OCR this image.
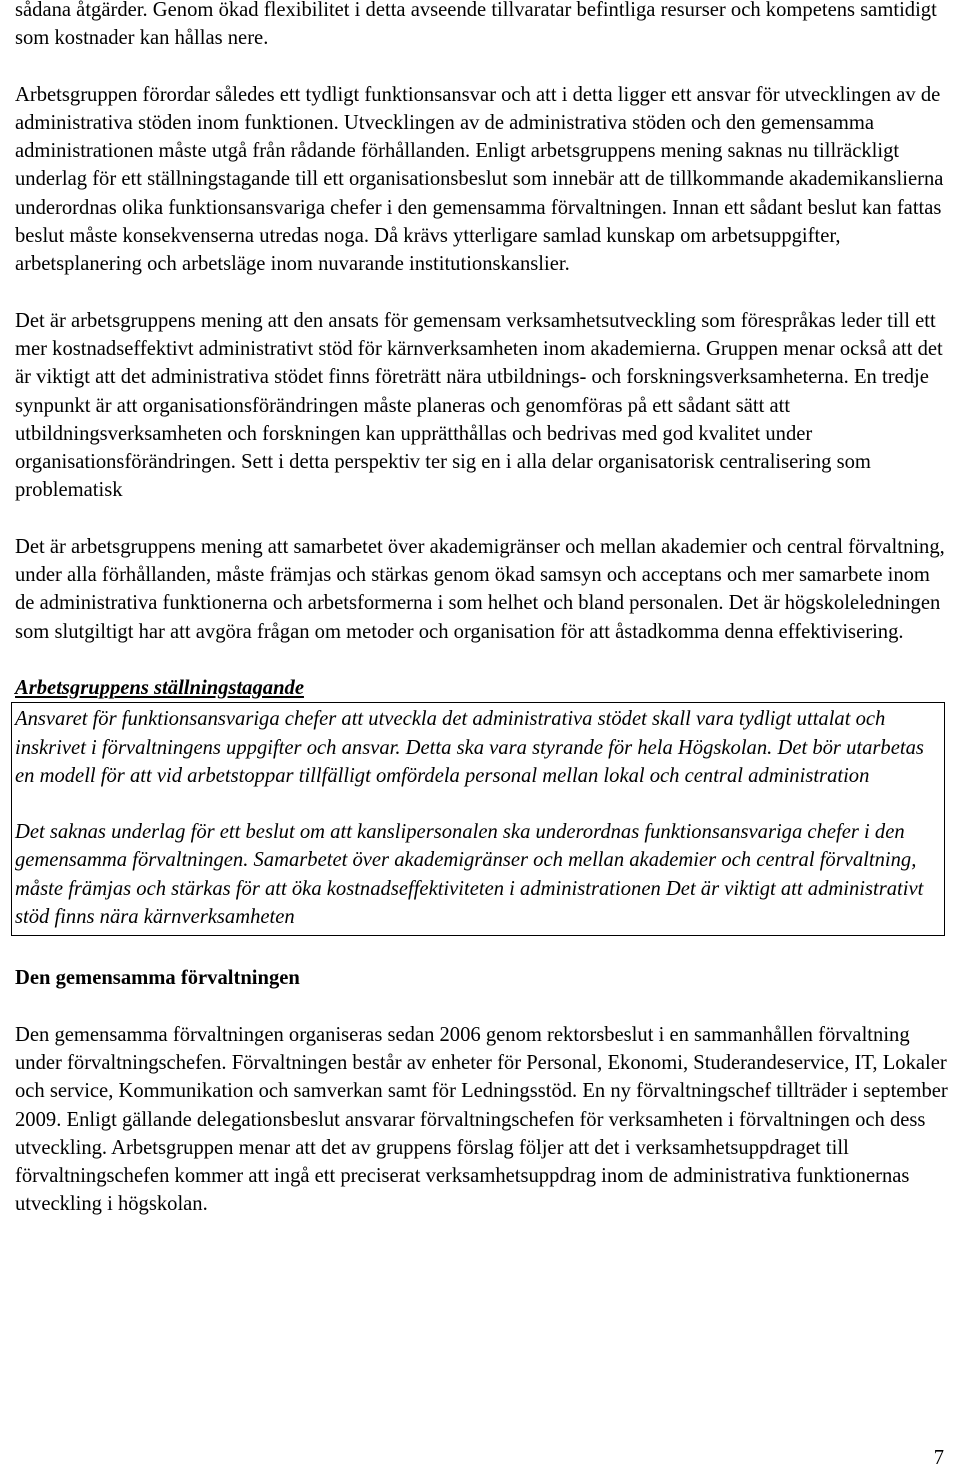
sådana åtgärder. Genom ökad flexibilitet i detta avseende tillvaratar befintliga resurser och kompetens samtidigt som kostnader kan hållas nere.

Arbetsgruppen förordar således ett tydligt funktionsansvar och att i detta ligger ett ansvar för utvecklingen av de administrativa stöden inom funktionen. Utvecklingen av de administrativa stöden och den gemensamma administrationen måste utgå från rådande förhållanden. Enligt arbetsgruppens mening saknas nu tillräckligt underlag för ett ställningstagande till ett organisationsbeslut som innebär att de tillkommande akademikanslierna underordnas olika funktionsansvariga chefer i den gemensamma förvaltningen. Innan ett sådant beslut kan fattas beslut måste konsekvenserna utredas noga. Då krävs ytterligare samlad kunskap om arbetsuppgifter, arbetsplanering och arbetsläge inom nuvarande institutionskanslier.

Det är arbetsgruppens mening att den ansats för gemensam verksamhetsutveckling som förespråkas leder till ett mer kostnadseffektivt administrativt stöd för kärnverksamheten inom akademierna. Gruppen menar också att det är viktigt att det administrativa stödet finns företrätt nära utbildnings- och forskningsverksamheterna. En tredje synpunkt är att organisationsförändringen måste planeras och genomföras på ett sådant sätt att utbildningsverksamheten och forskningen kan upprätthållas och bedrivas med god kvalitet under organisationsförändringen. Sett i detta perspektiv ter sig en i alla delar organisatorisk centralisering som problematisk

Det är arbetsgruppens mening att samarbetet över akademigränser och mellan akademier och central förvaltning, under alla förhållanden, måste främjas och stärkas genom ökad samsyn och acceptans och mer samarbete inom de administrativa funktionerna och arbetsformerna i som helhet och bland personalen. Det är högskoleledningen som slutgiltigt har att avgöra frågan om metoder och organisation för att åstadkomma denna effektivisering.

Arbetsgruppens ställningstagande

Ansvaret för funktionsansvariga chefer att utveckla det administrativa stödet skall vara tydligt uttalat och inskrivet i förvaltningens uppgifter och ansvar. Detta ska vara styrande för hela Högskolan. Det bör utarbetas en modell för att vid arbetstoppar tillfälligt omfördela personal mellan lokal och central administration

Det saknas underlag för ett beslut om att kanslipersonalen ska underordnas funktionsansvariga chefer i den gemensamma förvaltningen. Samarbetet över akademigränser och mellan akademier och central förvaltning, måste främjas och stärkas för att öka kostnadseffektiviteten i administrationen Det är viktigt att administrativt stöd finns nära kärnverksamheten

Den gemensamma förvaltningen

Den gemensamma förvaltningen organiseras sedan 2006 genom rektorsbeslut i en sammanhållen förvaltning under förvaltningschefen. Förvaltningen består av enheter för Personal, Ekonomi, Studerandeservice, IT, Lokaler och service, Kommunikation och samverkan samt för Ledningsstöd. En ny förvaltningschef tillträder i september 2009. Enligt gällande delegationsbeslut ansvarar förvaltningschefen för verksamheten i förvaltningen och dess utveckling. Arbetsgruppen menar att det av gruppens förslag följer att det i verksamhetsuppdraget till förvaltningschefen kommer att ingå ett preciserat verksamhetsuppdrag inom de administrativa funktionernas utveckling i högskolan.

7
